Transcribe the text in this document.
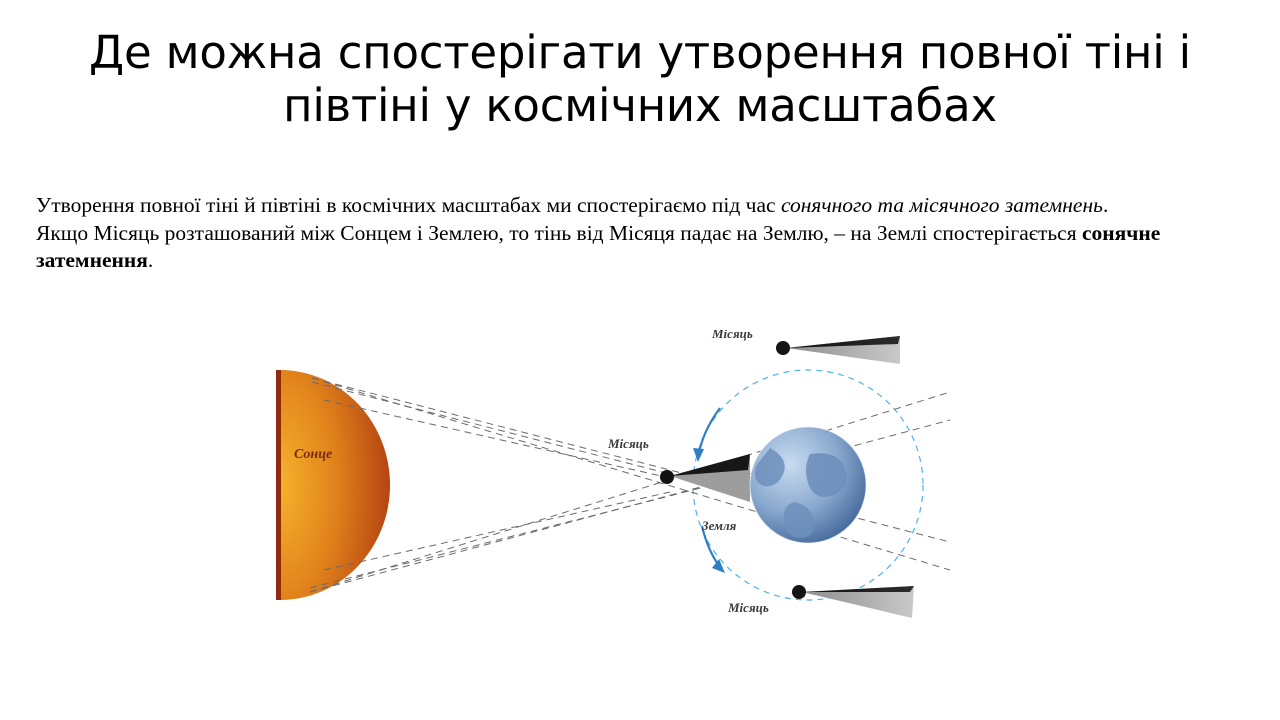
Де можна спостерігати утворення повної тіні і півтіні у космічних масштабах

Утворення повної тіні й півтіні в космічних масштабах ми спостерігаємо під час сонячного та місячного затемнень.

Якщо Місяць розташований між Сонцем і Землею, то тінь від Місяця падає на Землю, – на Землі спостерігається сонячне затемнення.

Сонце
Місяць
Місяць
Земля
Місяць
